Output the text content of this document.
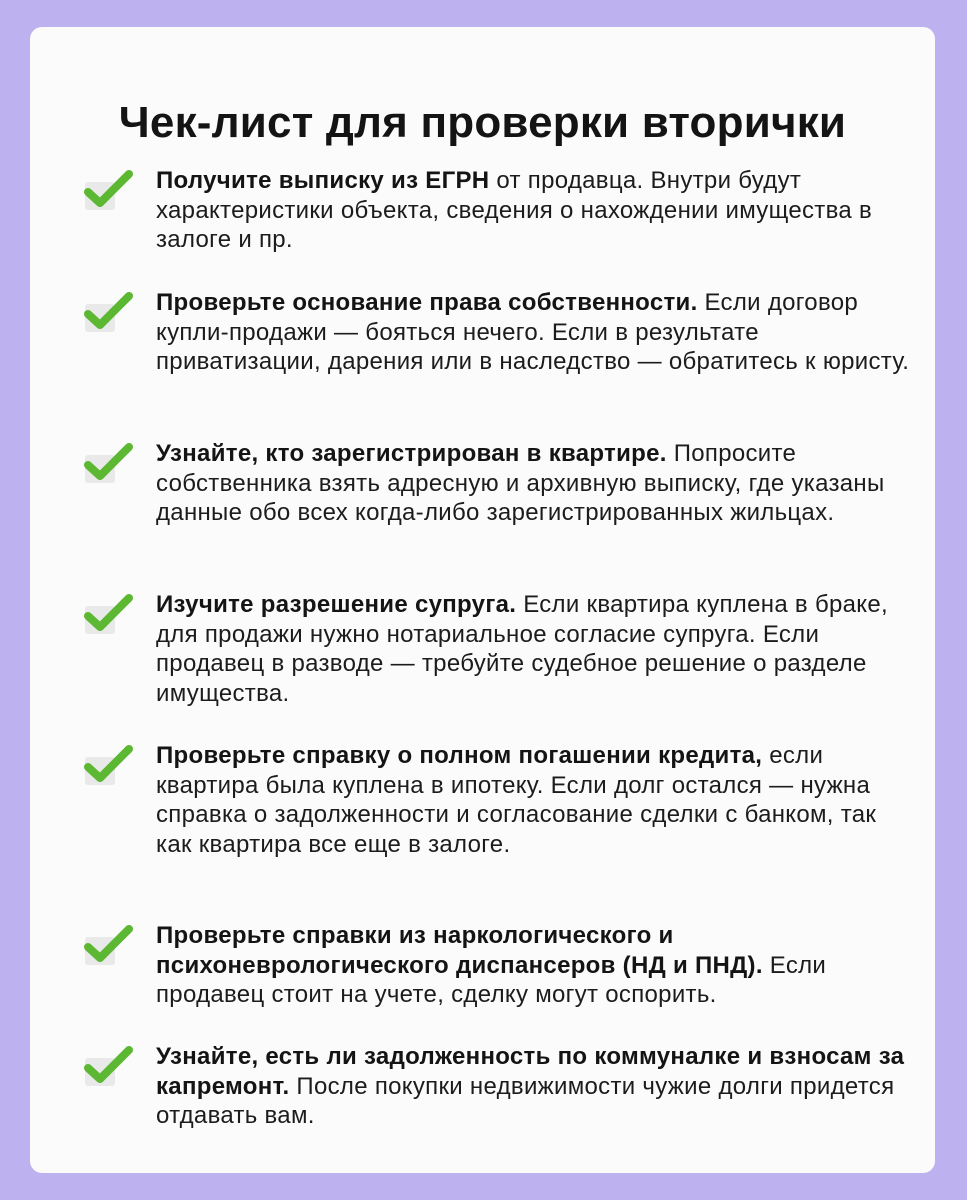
Чек-лист для проверки вторички

Получите выписку из ЕГРН от продавца. Внутри будут характеристики объекта, сведения о нахождении имущества в залоге и пр.

Проверьте основание права собственности. Если договор купли-продажи — бояться нечего. Если в результате приватизации, дарения или в наследство — обратитесь к юристу.

Узнайте, кто зарегистрирован в квартире. Попросите собственника взять адресную и архивную выписку, где указаны данные обо всех когда-либо зарегистрированных жильцах.

Изучите разрешение супруга. Если квартира куплена в браке, для продажи нужно нотариальное согласие супруга. Если продавец в разводе — требуйте судебное решение о разделе имущества.

Проверьте справку о полном погашении кредита, если квартира была куплена в ипотеку. Если долг остался — нужна справка о задолженности и согласование сделки с банком, так как квартира все еще в залоге.

Проверьте справки из наркологического и психоневрологического диспансеров (НД и ПНД). Если продавец стоит на учете, сделку могут оспорить.

Узнайте, есть ли задолженность по коммуналке и взносам за капремонт. После покупки недвижимости чужие долги придется отдавать вам.
